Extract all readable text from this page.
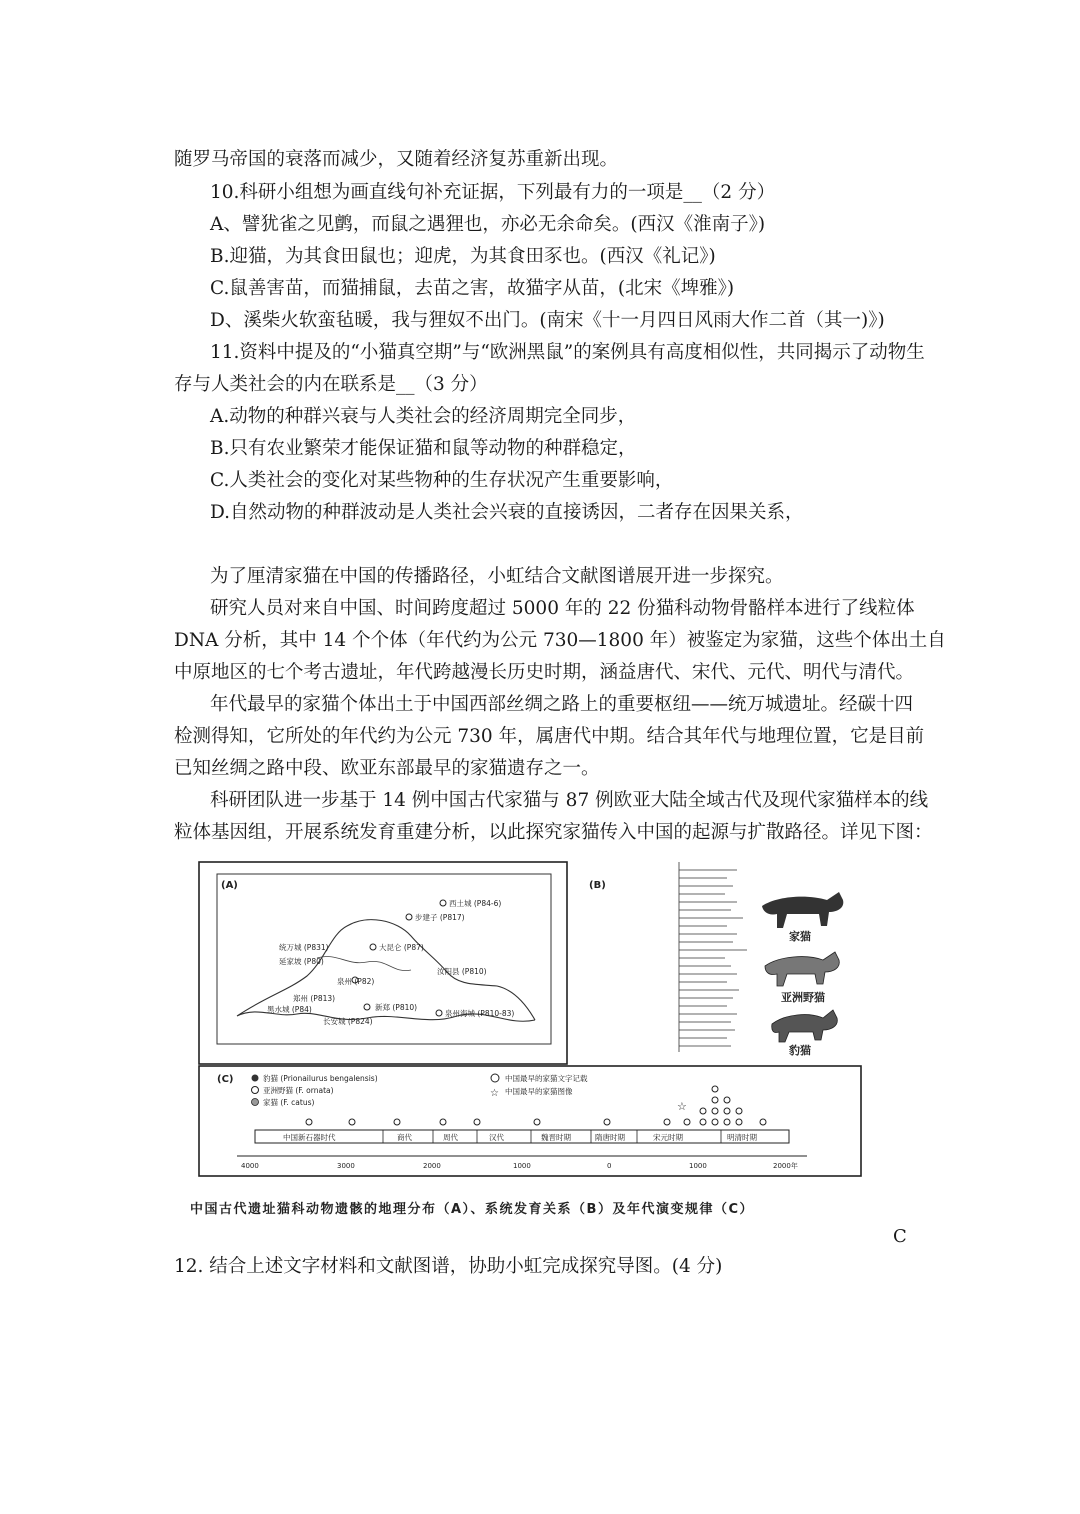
随罗马帝国的衰落而减少，又随着经济复苏重新出现。
10.科研小组想为画直线句补充证据，下列最有力的一项是__（2 分）
A、譬犹雀之见鹯，而鼠之遇狸也，亦必无余命矣。(西汉《淮南子》)
B.迎猫，为其食田鼠也；迎虎，为其食田豕也。(西汉《礼记》)
C.鼠善害苗，而猫捕鼠，去苗之害，故猫字从苗，(北宋《埤雅》)
D、溪柴火软蛮毡暖，我与狸奴不出门。(南宋《十一月四日风雨大作二首（其一)》)
11.资料中提及的“小猫真空期”与“欧洲黑鼠”的案例具有高度相似性，共同揭示了动物生
存与人类社会的内在联系是__（3 分）
A.动物的种群兴衰与人类社会的经济周期完全同步，
B.只有农业繁荣才能保证猫和鼠等动物的种群稳定，
C.人类社会的变化对某些物种的生存状况产生重要影响，
D.自然动物的种群波动是人类社会兴衰的直接诱因，二者存在因果关系，
为了厘清家猫在中国的传播路径，小虹结合文献图谱展开进一步探究。
研究人员对来自中国、时间跨度超过 5000 年的 22 份猫科动物骨骼样本进行了线粒体
DNA 分析，其中 14 个个体（年代约为公元 730—1800 年）被鉴定为家猫，这些个体出土自
中原地区的七个考古遗址，年代跨越漫长历史时期，涵益唐代、宋代、元代、明代与清代。
年代最早的家猫个体出土于中国西部丝绸之路上的重要枢纽——统万城遗址。经碳十四
检测得知，它所处的年代约为公元 730 年，属唐代中期。结合其年代与地理位置，它是目前
已知丝绸之路中段、欧亚东部最早的家猫遗存之一。
科研团队进一步基于 14 例中国古代家猫与 87 例欧亚大陆全域古代及现代家猫样本的线
粒体基因组，开展系统发育重建分析，以此探究家猫传入中国的起源与扩散路径。详见下图：
(A)
西土城 (P84-6)
步建子 (P817)
统万城 (P831)	大昆仑 (P87)
延家坡 (P80)
汝阳县 (P810)
泉州 (P82)
郑州 (P813)
新郑 (P810)
黑水城 (P84)
长安城 (P824)
泉州海城 (P810-83)
(B)
家猫
亚洲野猫
豹猫
(C)	豹猫 (Prionailurus bengalensis)
亚洲野猫 (F. ornata)
家猫 (F. catus)
中国最早的家猫文字记载
☆ 中国最早的家猫图像
☆
中国新石器时代	商代	周代	汉代	魏晋时期	隋唐时期	宋元时期	明清时期
4000	3000	2000	1000	0	1000	2000年
中国古代遗址猫科动物遗骸的地理分布（A）、系统发育关系（B）及年代演变规律（C）
C
12. 结合上述文字材料和文献图谱，协助小虹完成探究导图。(4 分)
